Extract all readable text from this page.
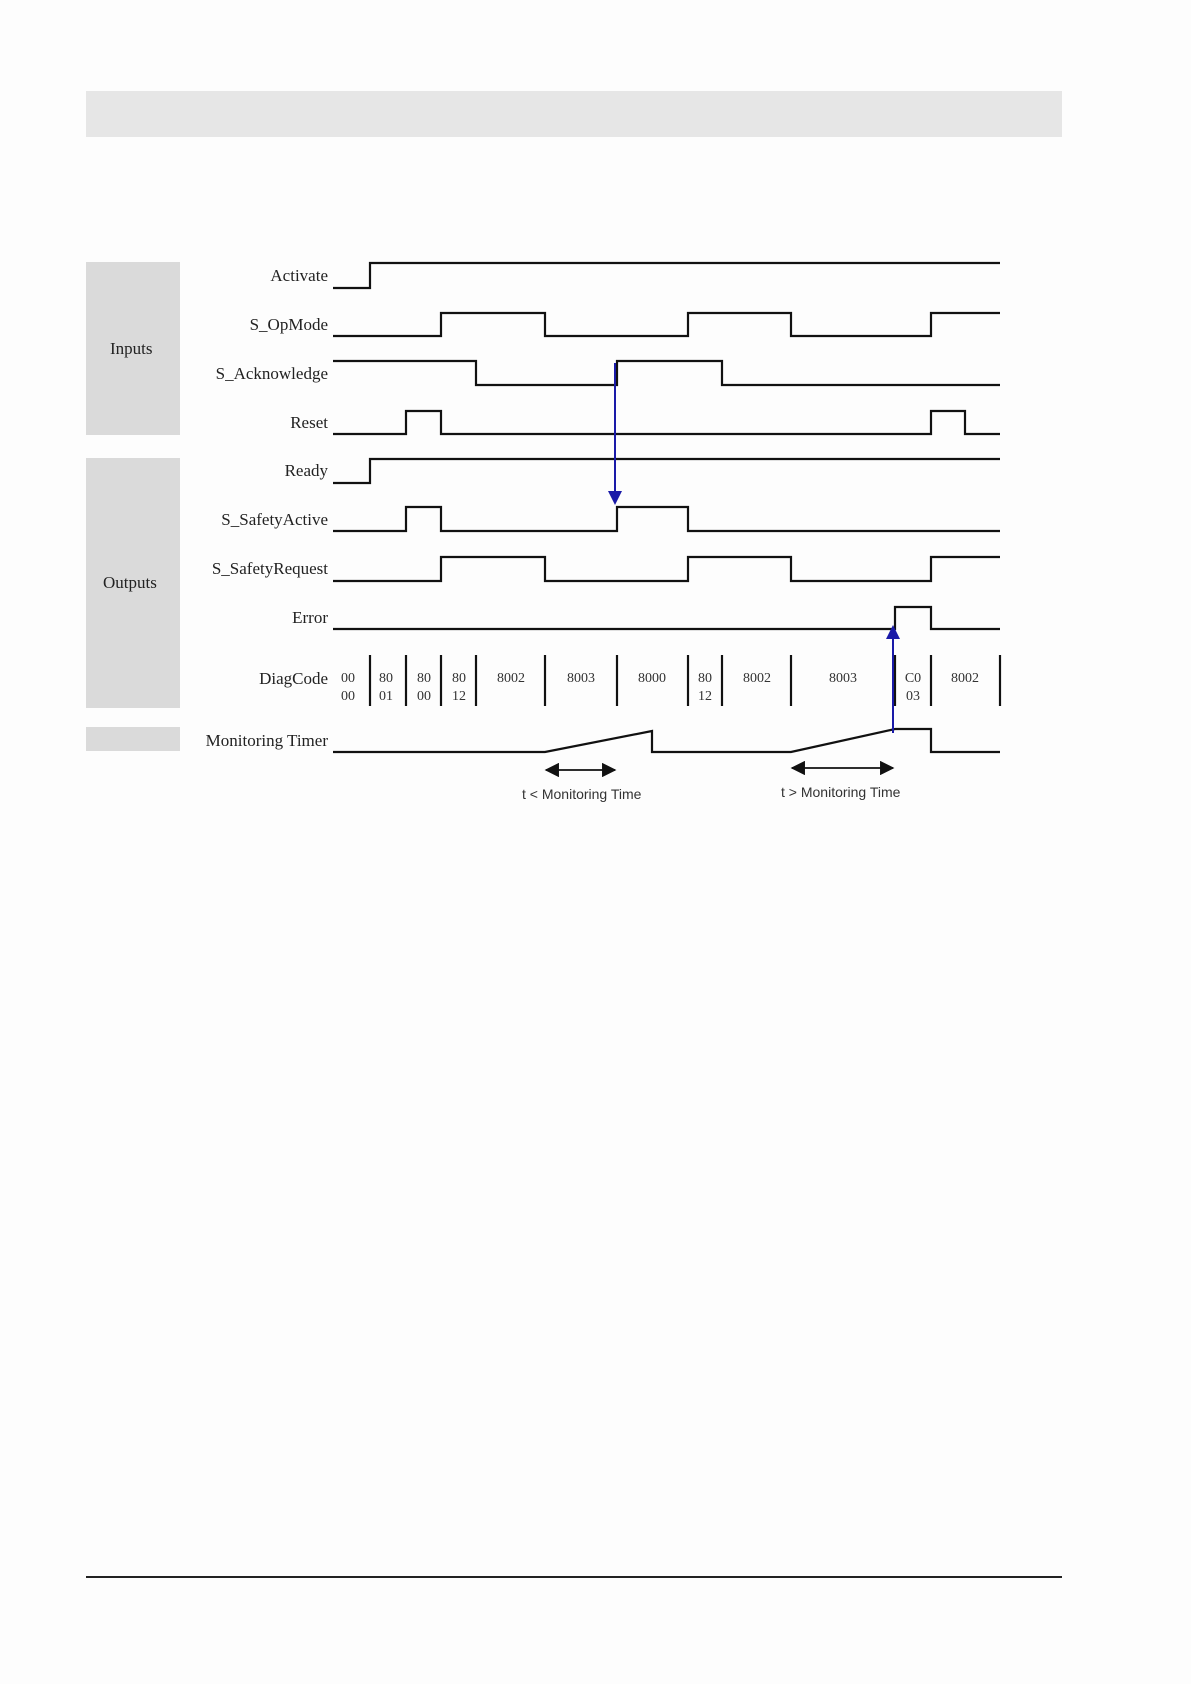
Inputs
Outputs
Activate
S_OpMode
S_Acknowledge
Reset
Ready
S_SafetyActive
S_SafetyRequest
Error
DiagCode
Monitoring Timer
00
00
80
01
80
00
80
12
8002	8003	8000 80
12
8002	8003	C0
03
8002
t < Monitoring Time	t > Monitoring Time
